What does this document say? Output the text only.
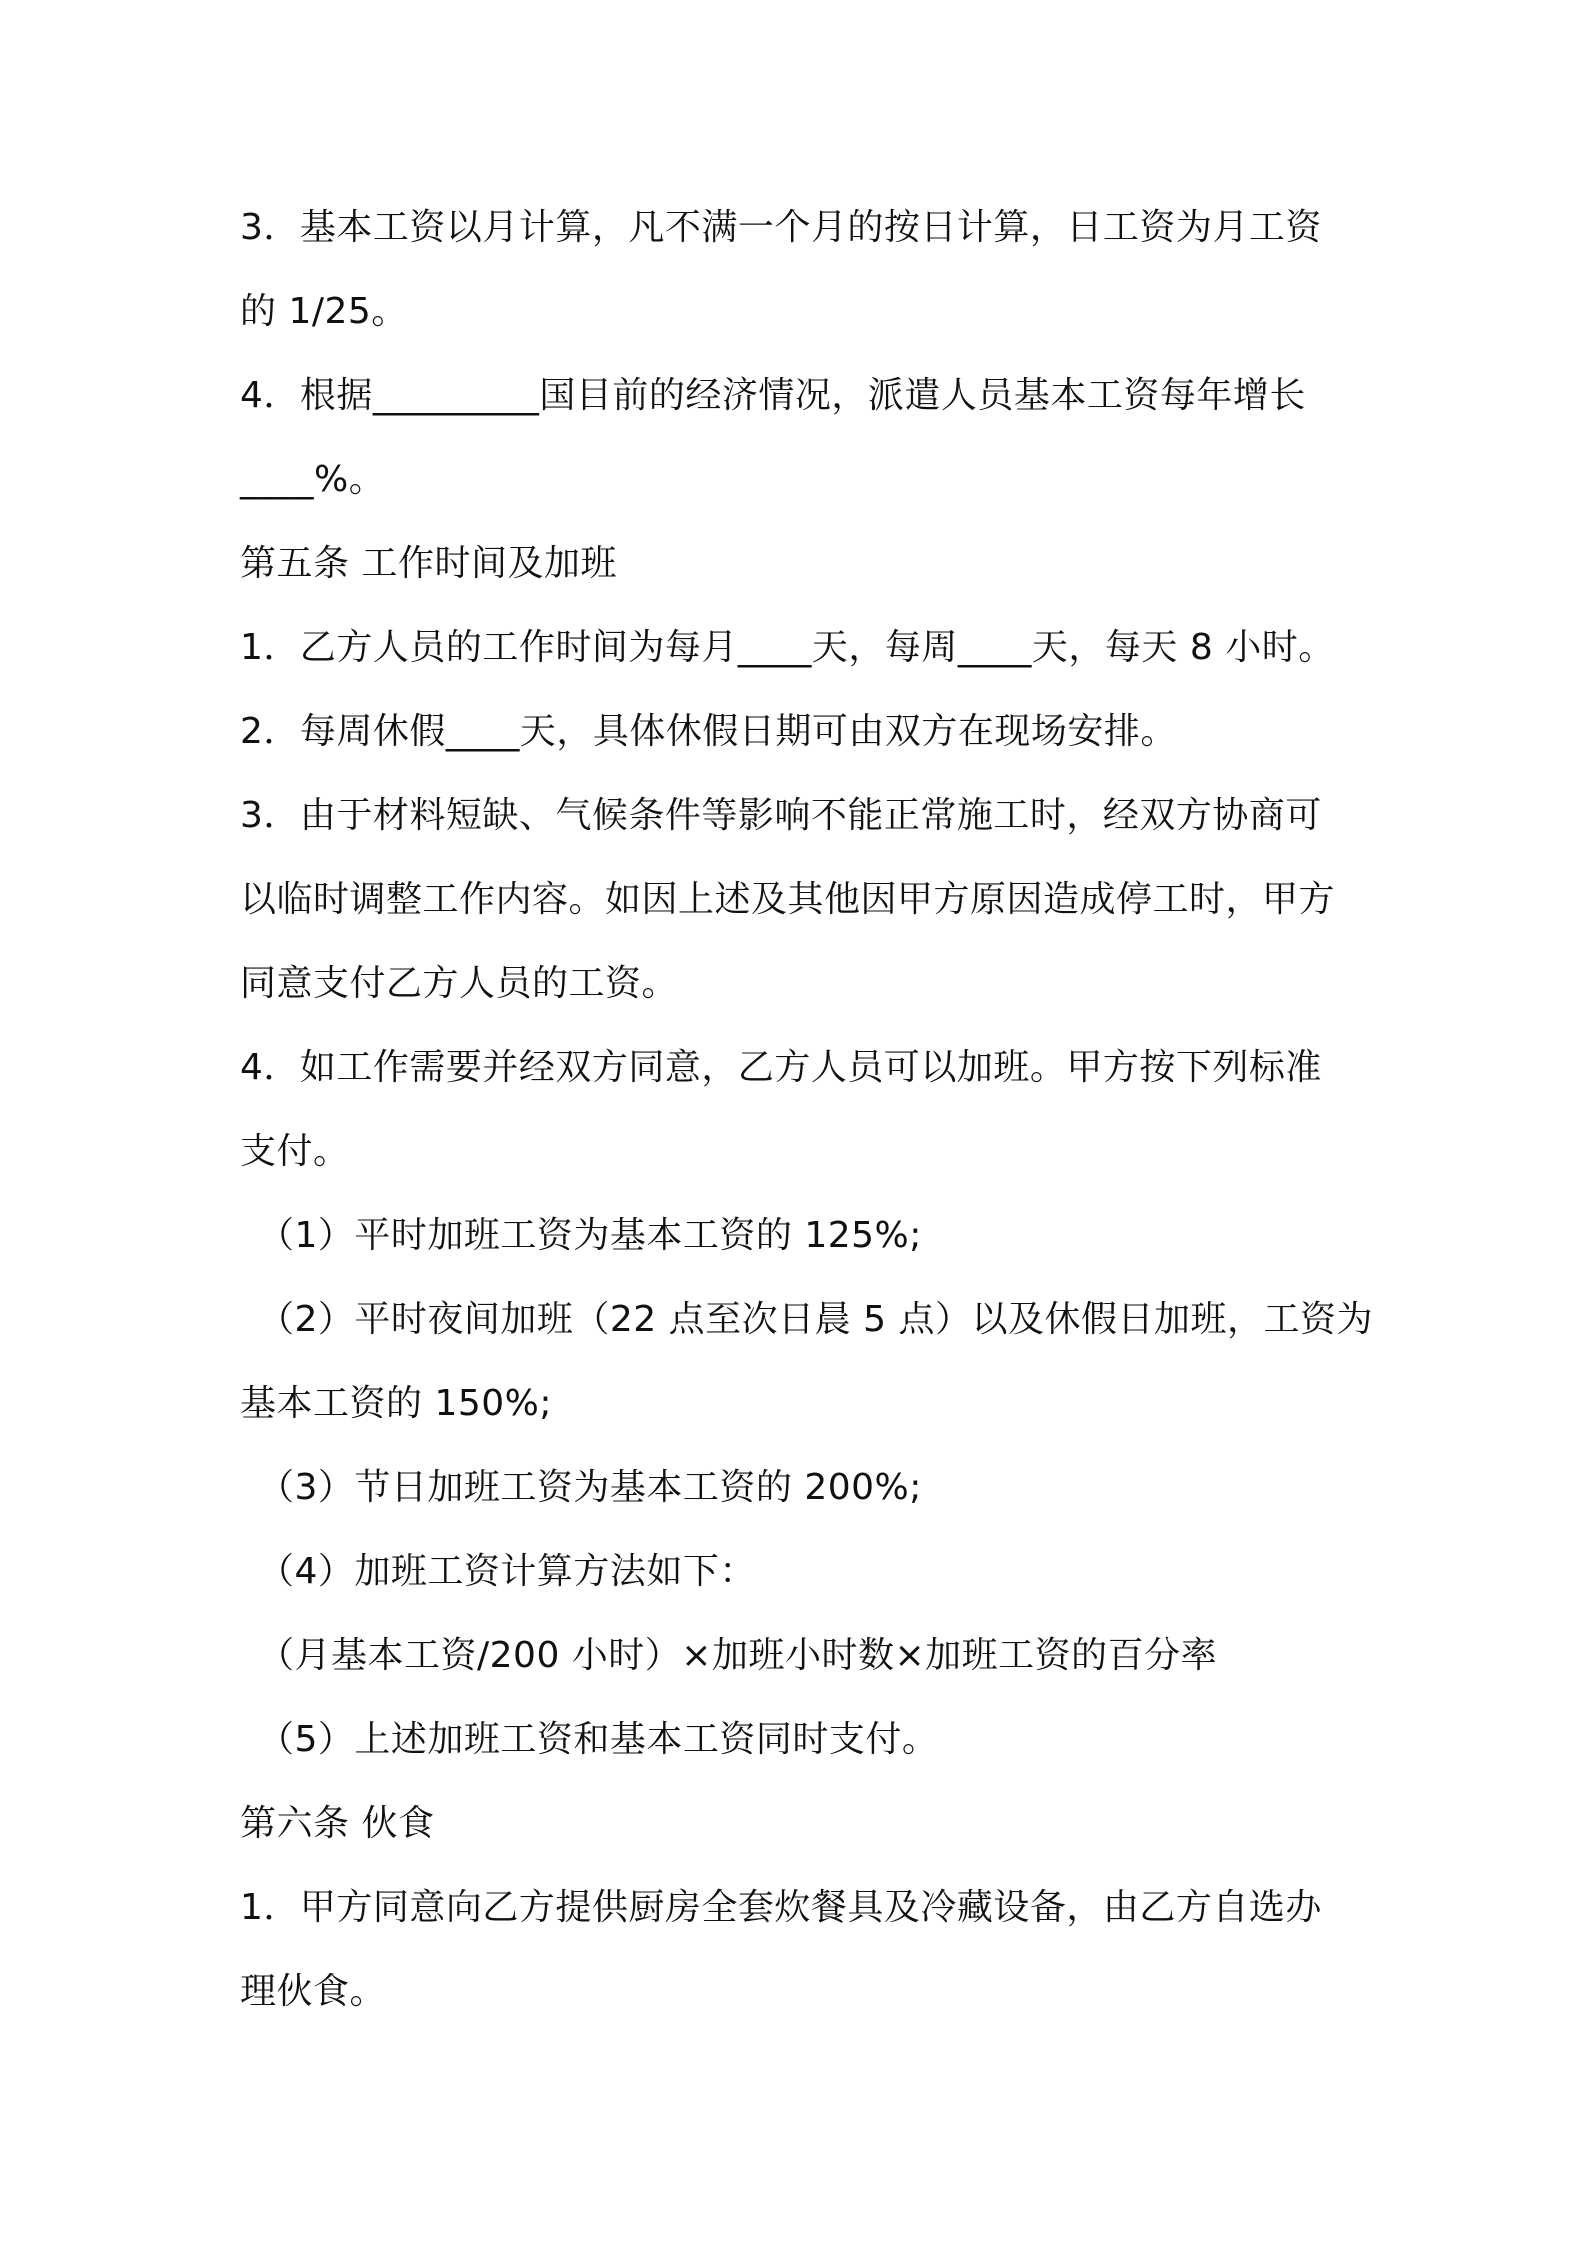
3．基本工资以月计算，凡不满一个月的按日计算，日工资为月工资
的 1/25。
4．根据_________国目前的经济情况，派遣人员基本工资每年增长
____%。
第五条 工作时间及加班
1．乙方人员的工作时间为每月____天，每周____天，每天 8 小时。
2．每周休假____天，具体休假日期可由双方在现场安排。
3．由于材料短缺、气候条件等影响不能正常施工时，经双方协商可
以临时调整工作内容。如因上述及其他因甲方原因造成停工时，甲方
同意支付乙方人员的工资。
4．如工作需要并经双方同意，乙方人员可以加班。甲方按下列标准
支付。
（1）平时加班工资为基本工资的 125%;
（2）平时夜间加班（22 点至次日晨 5 点）以及休假日加班，工资为
基本工资的 150%;
（3）节日加班工资为基本工资的 200%;
（4）加班工资计算方法如下：
（月基本工资/200 小时）×加班小时数×加班工资的百分率
（5）上述加班工资和基本工资同时支付。
第六条 伙食
1．甲方同意向乙方提供厨房全套炊餐具及冷藏设备，由乙方自选办
理伙食。
